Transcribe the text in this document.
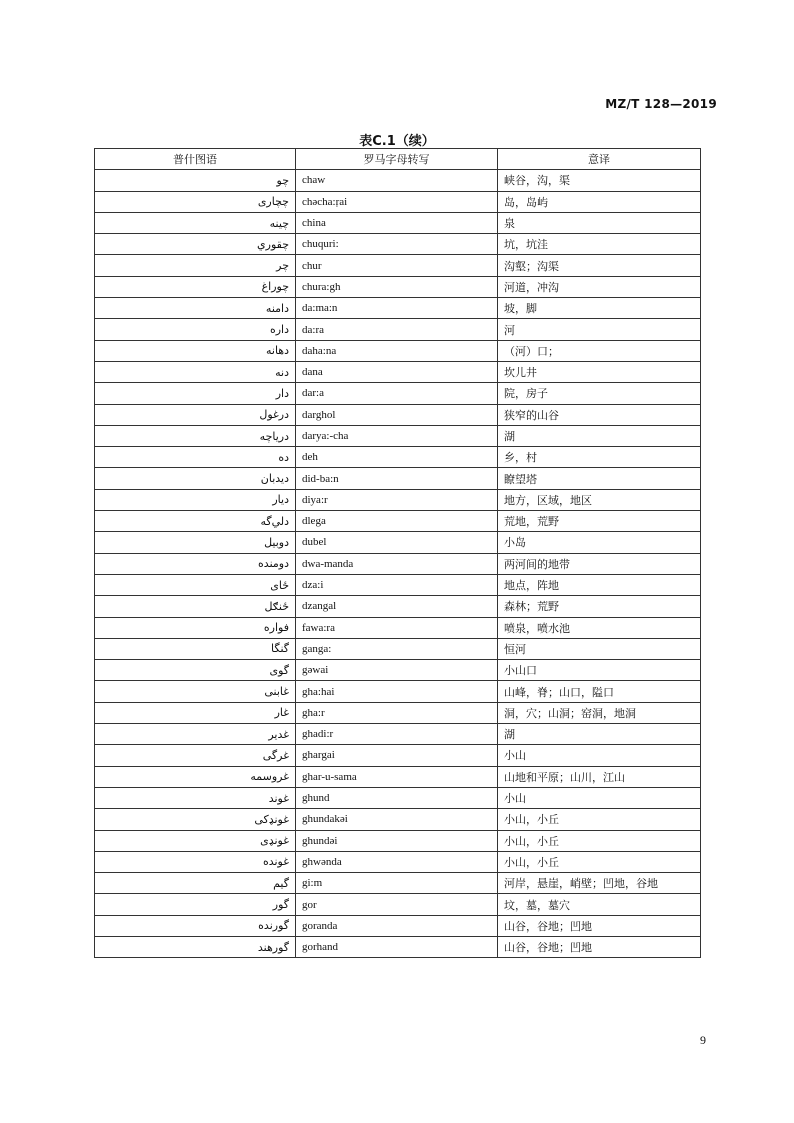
MZ/T 128—2019
表C.1（续）
普什图语	罗马字母转写	意译
چو	chaw	峡谷，沟，渠
چچارى	chəcha:ṛai	岛，岛屿
چينه	china	泉
چقوري	chuquri:	坑，坑洼
چر	chur	沟壑；沟渠
چوراغ	chura:gh	河道，冲沟
دامنه	da:ma:n	坡，脚
داره	da:ra	河
دهانه	daha:na	（河）口；
دنه	dana	坎儿井
دار	dar:a	院，房子
درغول	darghol	狭窄的山谷
درياچه	darya:-cha	湖
ده	deh	乡，村
ديدبان	did-ba:n	瞭望塔
ديار	diya:r	地方，区域，地区
دلي‌گه	dlega	荒地，荒野
دوبيل	dubel	小岛
دومنده	dwa-manda	两河间的地带
ځاى	dza:i	地点，阵地
ځنګل	dzangal	森林；荒野
فواره	fawa:ra	喷泉，喷水池
گنگا	ganga:	恒河
گوى	gəwai	小山口
غابنى	gha:hai	山峰，脊；山口，隘口
غار	gha:r	洞，穴；山洞；窑洞，地洞
غدير	ghadi:r	湖
غرگى	ghargai	小山
غروسمه	ghar-u-sama	山地和平原；山川，江山
غوند	ghund	小山
غونډكى	ghundakəi	小山，小丘
غونډى	ghundəi	小山，小丘
غونده	ghwənda	小山，小丘
گيم	gi:m	河岸，悬崖，峭壁；凹地，谷地
گور	gor	坟，墓，墓穴
گورنده	goranda	山谷，谷地；凹地
گورهند	gorhand	山谷，谷地；凹地
9
